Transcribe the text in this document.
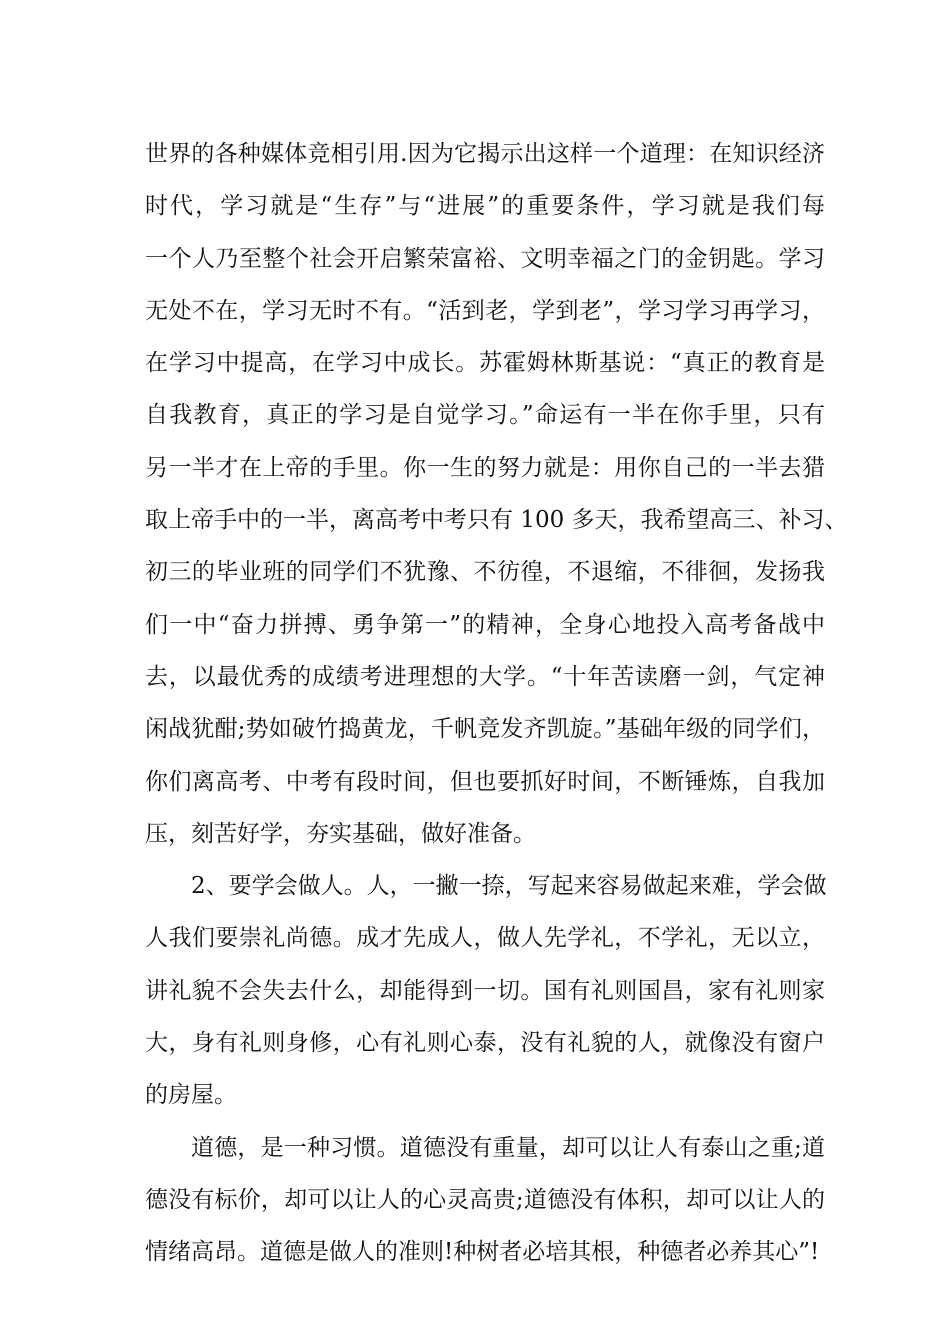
世界的各种媒体竞相引用.因为它揭示出这样一个道理：在知识经济
时代，学习就是“生存”与“进展”的重要条件，学习就是我们每
一个人乃至整个社会开启繁荣富裕、文明幸福之门的金钥匙。学习
无处不在，学习无时不有。“活到老，学到老”，学习学习再学习，
在学习中提高，在学习中成长。苏霍姆林斯基说：“真正的教育是
自我教育，真正的学习是自觉学习。”命运有一半在你手里，只有
另一半才在上帝的手里。你一生的努力就是：用你自己的一半去猎
取上帝手中的一半，离高考中考只有 100 多天，我希望高三、补习、
初三的毕业班的同学们不犹豫、不彷徨，不退缩，不徘徊，发扬我
们一中“奋力拼搏、勇争第一”的精神，全身心地投入高考备战中
去，以最优秀的成绩考进理想的大学。“十年苦读磨一剑，气定神
闲战犹酣;势如破竹捣黄龙，千帆竞发齐凯旋。”基础年级的同学们，
你们离高考、中考有段时间，但也要抓好时间，不断锤炼，自我加
压，刻苦好学，夯实基础，做好准备。
2、要学会做人。人，一撇一捺，写起来容易做起来难，学会做
人我们要崇礼尚德。成才先成人，做人先学礼，不学礼，无以立，
讲礼貌不会失去什么，却能得到一切。国有礼则国昌，家有礼则家
大，身有礼则身修，心有礼则心泰，没有礼貌的人，就像没有窗户
的房屋。
道德，是一种习惯。道德没有重量，却可以让人有泰山之重;道
德没有标价，却可以让人的心灵高贵;道德没有体积，却可以让人的
情绪高昂。道德是做人的准则!种树者必培其根，种德者必养其心”!
